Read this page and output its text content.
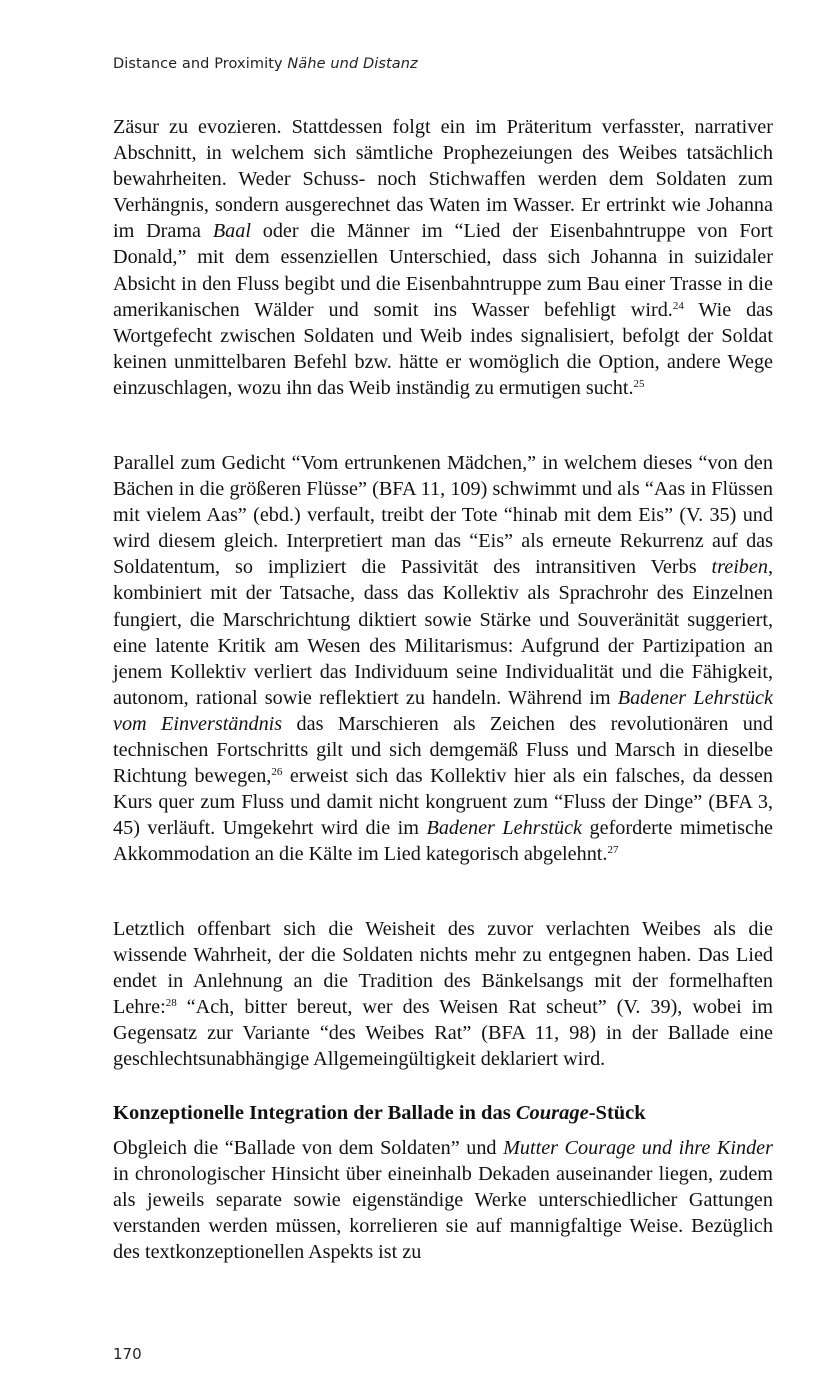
Distance and Proximity Nähe und Distanz

Zäsur zu evozieren. Stattdessen folgt ein im Präteritum verfasster, narrativer Abschnitt, in welchem sich sämtliche Prophezeiungen des Weibes tatsächlich bewahrheiten. Weder Schuss- noch Stichwaffen werden dem Soldaten zum Verhängnis, sondern ausgerechnet das Waten im Wasser. Er ertrinkt wie Johanna im Drama Baal oder die Männer im “Lied der Eisenbahntruppe von Fort Donald,” mit dem essenziellen Unterschied, dass sich Johanna in suizidaler Absicht in den Fluss begibt und die Eisenbahntruppe zum Bau einer Trasse in die amerikanischen Wälder und somit ins Wasser befehligt wird.$^{24}$ Wie das Wortgefecht zwischen Soldaten und Weib indes signalisiert, befolgt der Soldat keinen unmittelbaren Befehl bzw. hätte er womöglich die Option, andere Wege einzuschlagen, wozu ihn das Weib inständig zu ermutigen sucht.$^{25}$

Parallel zum Gedicht “Vom ertrunkenen Mädchen,” in welchem dieses “von den Bächen in die größeren Flüsse” (BFA 11, 109) schwimmt und als “Aas in Flüssen mit vielem Aas” (ebd.) verfault, treibt der Tote “hinab mit dem Eis” (V. 35) und wird diesem gleich. Interpretiert man das “Eis” als erneute Rekurrenz auf das Soldatentum, so impliziert die Passivität des intransitiven Verbs treiben, kombiniert mit der Tatsache, dass das Kollektiv als Sprachrohr des Einzelnen fungiert, die Marschrichtung diktiert sowie Stärke und Souveränität suggeriert, eine latente Kritik am Wesen des Militarismus: Aufgrund der Partizipation an jenem Kollektiv verliert das Individuum seine Individualität und die Fähigkeit, autonom, rational sowie reflektiert zu handeln. Während im Badener Lehrstück vom Einverständnis das Marschieren als Zeichen des revolutionären und technischen Fortschritts gilt und sich demgemäß Fluss und Marsch in dieselbe Richtung bewegen,$^{26}$ erweist sich das Kollektiv hier als ein falsches, da dessen Kurs quer zum Fluss und damit nicht kongruent zum “Fluss der Dinge” (BFA 3, 45) verläuft. Umgekehrt wird die im Badener Lehrstück geforderte mimetische Akkommodation an die Kälte im Lied kategorisch abgelehnt.$^{27}$

Letztlich offenbart sich die Weisheit des zuvor verlachten Weibes als die wissende Wahrheit, der die Soldaten nichts mehr zu entgegnen haben. Das Lied endet in Anlehnung an die Tradition des Bänkelsangs mit der formelhaften Lehre:$^{28}$ “Ach, bitter bereut, wer des Weisen Rat scheut” (V. 39), wobei im Gegensatz zur Variante “des Weibes Rat” (BFA 11, 98) in der Ballade eine geschlechtsunabhängige Allgemeingültigkeit deklariert wird.

Konzeptionelle Integration der Ballade in das Courage-Stück

Obgleich die “Ballade von dem Soldaten” und Mutter Courage und ihre Kinder in chronologischer Hinsicht über eineinhalb Dekaden auseinander liegen, zudem als jeweils separate sowie eigenständige Werke unterschiedlicher Gattungen verstanden werden müssen, korrelieren sie auf mannigfaltige Weise. Bezüglich des textkonzeptionellen Aspekts ist zu

170
